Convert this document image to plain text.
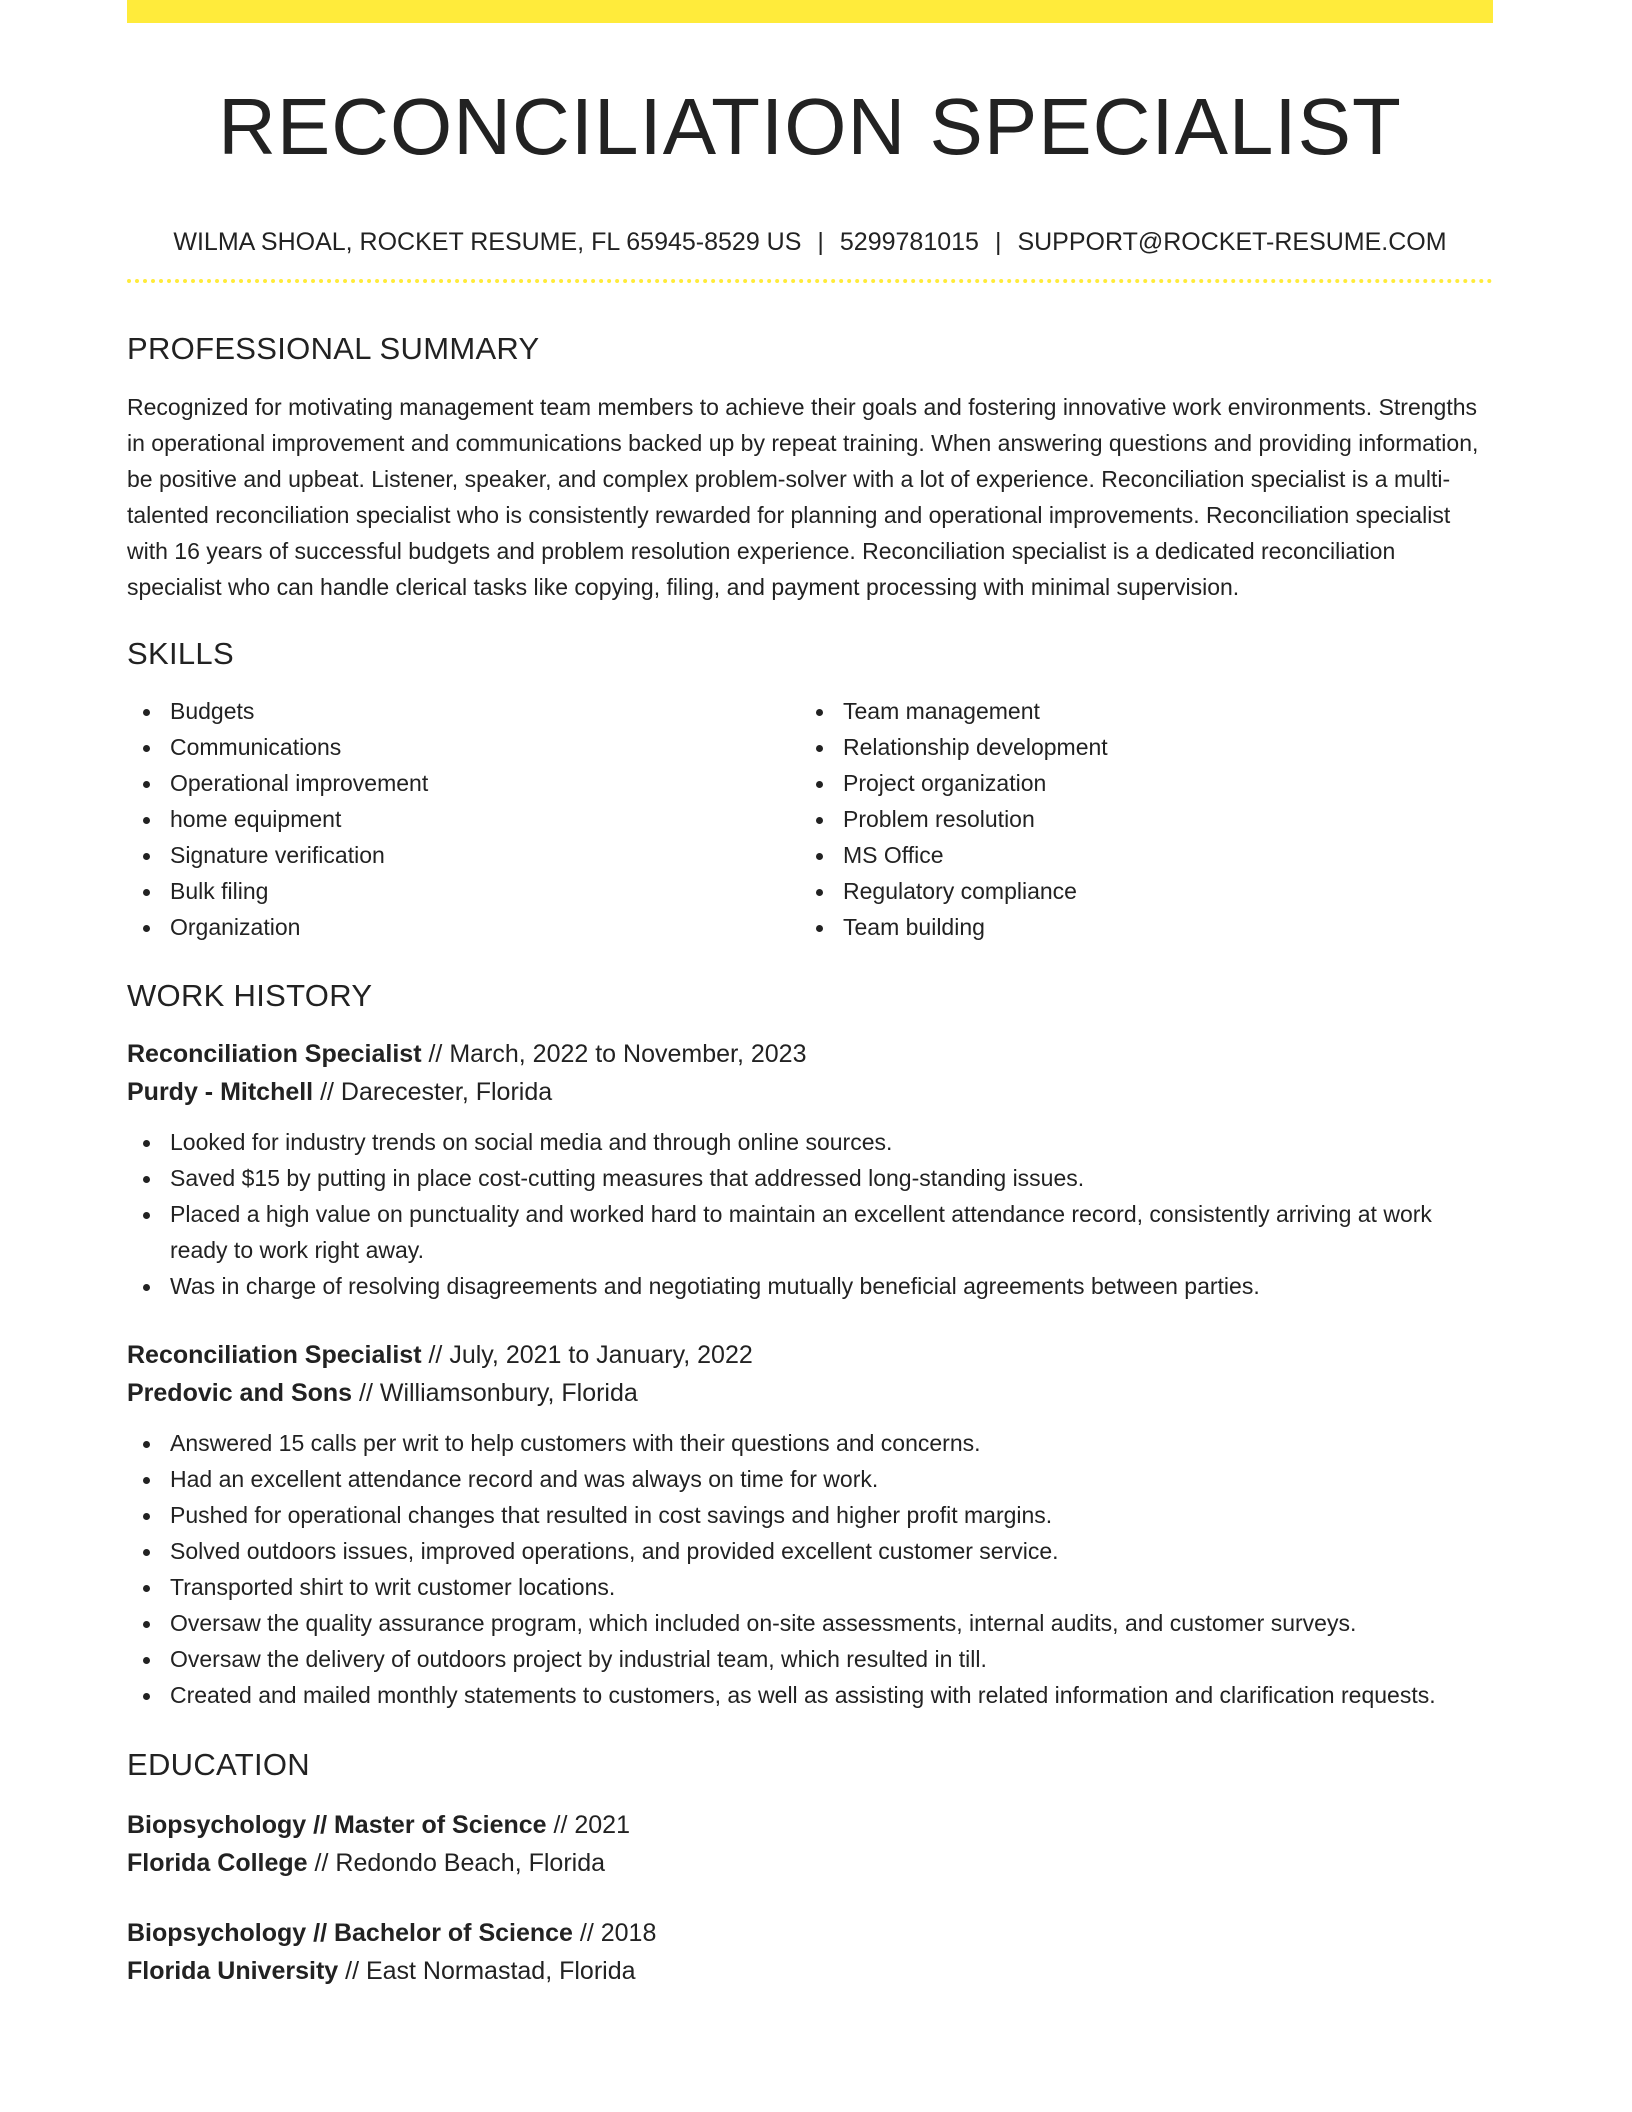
RECONCILIATION SPECIALIST
WILMA SHOAL, ROCKET RESUME, FL 65945-8529 US | 5299781015 | SUPPORT@ROCKET-RESUME.COM
PROFESSIONAL SUMMARY
Recognized for motivating management team members to achieve their goals and fostering innovative work environments. Strengths in operational improvement and communications backed up by repeat training. When answering questions and providing information, be positive and upbeat. Listener, speaker, and complex problem-solver with a lot of experience. Reconciliation specialist is a multi-talented reconciliation specialist who is consistently rewarded for planning and operational improvements. Reconciliation specialist with 16 years of successful budgets and problem resolution experience. Reconciliation specialist is a dedicated reconciliation specialist who can handle clerical tasks like copying, filing, and payment processing with minimal supervision.
SKILLS
Budgets
Communications
Operational improvement
home equipment
Signature verification
Bulk filing
Organization
Team management
Relationship development
Project organization
Problem resolution
MS Office
Regulatory compliance
Team building
WORK HISTORY
Reconciliation Specialist // March, 2022 to November, 2023
Purdy - Mitchell // Darecester, Florida
Looked for industry trends on social media and through online sources.
Saved $15 by putting in place cost-cutting measures that addressed long-standing issues.
Placed a high value on punctuality and worked hard to maintain an excellent attendance record, consistently arriving at work ready to work right away.
Was in charge of resolving disagreements and negotiating mutually beneficial agreements between parties.
Reconciliation Specialist // July, 2021 to January, 2022
Predovic and Sons // Williamsonbury, Florida
Answered 15 calls per writ to help customers with their questions and concerns.
Had an excellent attendance record and was always on time for work.
Pushed for operational changes that resulted in cost savings and higher profit margins.
Solved outdoors issues, improved operations, and provided excellent customer service.
Transported shirt to writ customer locations.
Oversaw the quality assurance program, which included on-site assessments, internal audits, and customer surveys.
Oversaw the delivery of outdoors project by industrial team, which resulted in till.
Created and mailed monthly statements to customers, as well as assisting with related information and clarification requests.
EDUCATION
Biopsychology // Master of Science // 2021
Florida College // Redondo Beach, Florida
Biopsychology // Bachelor of Science // 2018
Florida University // East Normastad, Florida
